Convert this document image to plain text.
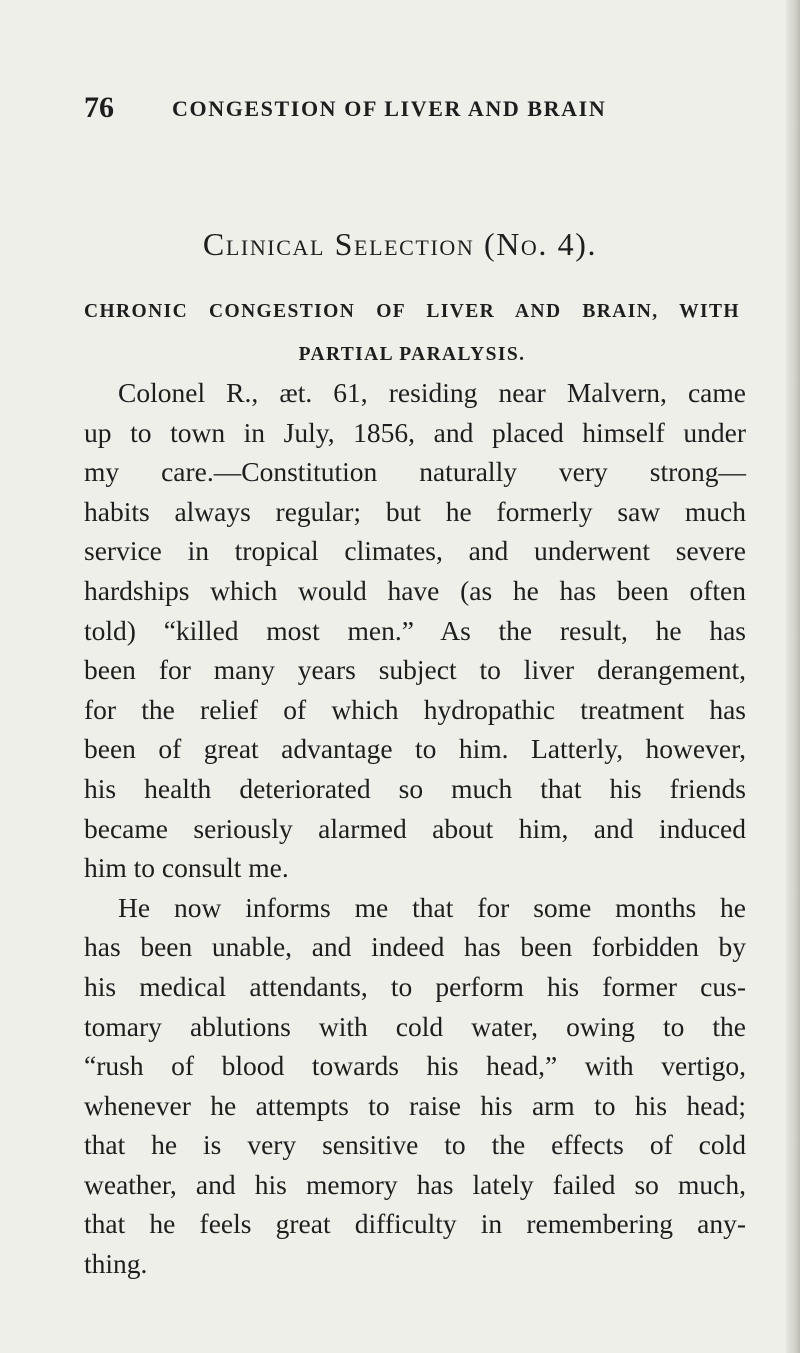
76	CONGESTION OF LIVER AND BRAIN
Clinical Selection (No. 4).
CHRONIC CONGESTION OF LIVER AND BRAIN, WITH
PARTIAL PARALYSIS.
Colonel R., æt. 61, residing near Malvern, came
up to town in July, 1856, and placed himself under
my care.—Constitution naturally very strong—
habits always regular; but he formerly saw much
service in tropical climates, and underwent severe
hardships which would have (as he has been often
told) “killed most men.” As the result, he has
been for many years subject to liver derangement,
for the relief of which hydropathic treatment has
been of great advantage to him. Latterly, however,
his health deteriorated so much that his friends
became seriously alarmed about him, and induced
him to consult me.
He now informs me that for some months he
has been unable, and indeed has been forbidden by
his medical attendants, to perform his former cus-
tomary ablutions with cold water, owing to the
“rush of blood towards his head,” with vertigo,
whenever he attempts to raise his arm to his head;
that he is very sensitive to the effects of cold
weather, and his memory has lately failed so much,
that he feels great difficulty in remembering any-
thing.
